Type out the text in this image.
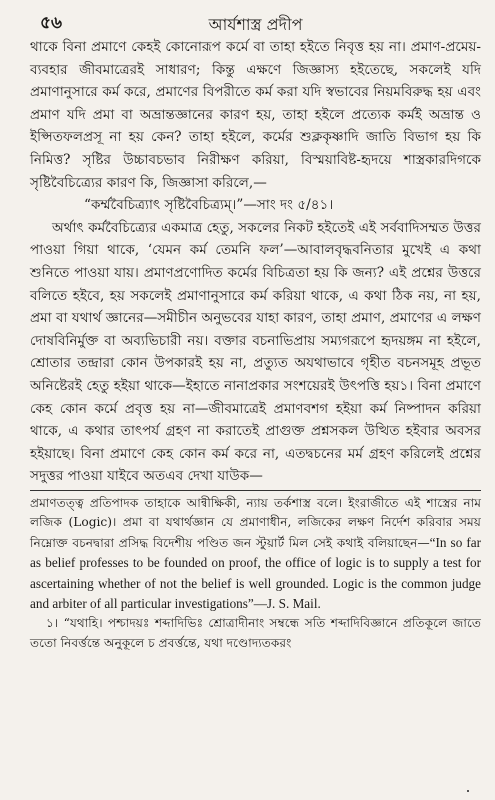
৫৬	আর্যশাস্ত্র প্রদীপ

থাকে বিনা প্রমাণে কেহই কোনোরূপ কর্মে বা তাহা হইতে নিবৃত্ত হয় না। প্রমাণ-প্রমেয়-ব্যবহার জীবমাত্রেরই সাধারণ; কিন্তু এক্ষণে জিজ্ঞাস্য হইতেছে, সকলেই যদি প্রমাণানুসারে কর্ম করে, প্রমাণের বিপরীতে কর্ম করা যদি স্বভাবের নিয়মবিরুদ্ধ হয় এবং প্রমাণ যদি প্রমা বা অভ্রান্তজ্ঞানের কারণ হয়, তাহা হইলে প্রত্যেক কর্মই অভ্রান্ত ও ইপ্সিতফলপ্রসূ না হয় কেন? তাহা হইলে, কর্মের শুক্লকৃষ্ণাদি জাতি বিভাগ হয় কি নিমিত্ত? সৃষ্টির উচ্চাবচভাব নিরীক্ষণ করিয়া, বিস্ময়াবিষ্ট-হৃদয়ে শাস্ত্রকারদিগকে সৃষ্টিবৈচিত্র্যের কারণ কি, জিজ্ঞাসা করিলে,—

“কর্ম্মবৈচিত্র্যাৎ সৃষ্টিবৈচিত্র্যম্।”—সাং দং ৫/৪১।

অর্থাৎ কর্মবৈচিত্র্যের একমাত্র হেতু, সকলের নিকট হইতেই এই সর্ববাদিসম্মত উত্তর পাওয়া গিয়া থাকে, ‘যেমন কর্ম তেমনি ফল’—আবালবৃদ্ধবনিতার মুখেই এ কথা শুনিতে পাওয়া যায়। প্রমাণপ্রণোদিত কর্মের বিচিত্রতা হয় কি জন্য? এই প্রশ্নের উত্তরে বলিতে হইবে, হয় সকলেই প্রমাণানুসারে কর্ম করিয়া থাকে, এ কথা ঠিক নয়, না হয়, প্রমা বা যথার্থ জ্ঞানের—সমীচীন অনুভবের যাহা কারণ, তাহা প্রমাণ, প্রমাণের এ লক্ষণ দোষবিনির্মুক্ত বা অব্যভিচারী নয়। বক্তার বচনাভিপ্রায় সম্যগরূপে হৃদয়ঙ্গম না হইলে, শ্রোতার তন্দ্রারা কোন উপকারই হয় না, প্রত্যুত অযথাভাবে গৃহীত বচনসমূহ প্রভূত অনিষ্টেরই হেতু হইয়া থাকে—ইহাতে নানাপ্রকার সংশয়েরই উৎপত্তি হয়১। বিনা প্রমাণে কেহ কোন কর্মে প্রবৃত্ত হয় না—জীবমাত্রেই প্রমাণবশগ হইয়া কর্ম নিষ্পাদন করিয়া থাকে, এ কথার তাৎপর্য গ্রহণ না করাতেই প্রাগুক্ত প্রশ্নসকল উত্থিত হইবার অবসর হইয়াছে। বিনা প্রমাণে কেহ কোন কর্ম করে না, এতদ্বচনের মর্ম গ্রহণ করিলেই প্রশ্নের সদুত্তর পাওয়া যাইবে অতএব দেখা যাউক—

প্রমাণতত্ত্ব প্রতিপাদক তাহাকে আন্বীক্ষিকী, ন্যায় তর্কশাস্ত্র বলে। ইংরাজীতে এই শাস্ত্রের নাম লজিক (Logic)। প্রমা বা যথার্থজ্ঞান যে প্রমাণাধীন, লজিকের লক্ষণ নির্দেশ করিবার সময় নিম্নোক্ত বচনদ্বারা প্রসিদ্ধ বিদেশীয় পণ্ডিত জন স্টুয়ার্ট মিল সেই কথাই বলিয়াছেন—“In so far as belief professes to be founded on proof, the office of logic is to supply a test for ascertaining whether of not the belief is well grounded. Logic is the common judge and arbiter of all particular investigations”—J. S. Mail.

১। “যথাহি। পশ্চাদয়ঃ শব্দাদিভিঃ শ্রোত্রাদীনাং সম্বন্ধে সতি শব্দাদিবিজ্ঞানে প্রতিকূলে জাতে ততো নিবর্ত্তন্তে অনুকূলে চ প্রবর্ত্তন্তে, যথা দণ্ডোদ্যতকরং
